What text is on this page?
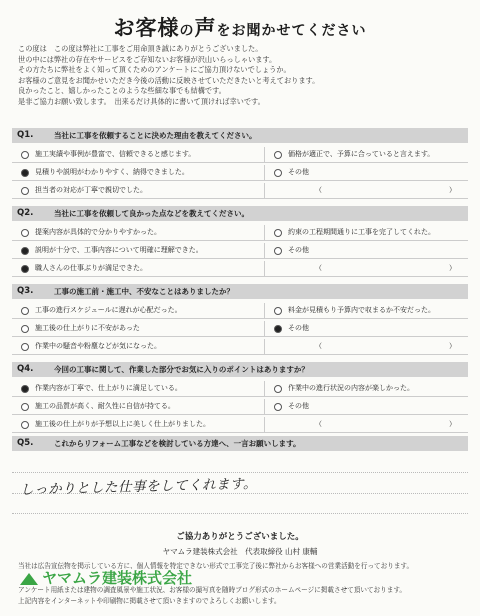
お客様の声をお聞かせてください
この度は　この度は弊社に工事をご用命頂き誠にありがとうございました。
世の中には弊社の存在やサービスをご存知ないお客様が沢山いらっしゃいます。
その方たちに弊社をよく知って頂くためのアンケートにご協力頂けないでしょうか。
お客様のご意見をお聞かせいただき今後の活動に反映させていただきたいと考えております。
良かったこと、嬉しかったことのような些細な事でも結構です。
是非ご協力お願い致します。　出来るだけ具体的に書いて頂ければ幸いです。
Q1.	当社に工事を依頼することに決めた理由を教えてください。
施工実績や事例が豊富で、信頼できると感じます。	価格が適正で、予算に合っていると言えます。
見積りや説明がわかりやすく、納得できました。	その他
担当者の対応が丁寧で親切でした。	（	）
Q2.	当社に工事を依頼して良かった点などを教えてください。
提案内容が具体的で分かりやすかった。	約束の工程期間通りに工事を完了してくれた。
説明が十分で、工事内容について明確に理解できた。	その他
職人さんの仕事ぶりが満足できた。	（	）
Q3.	工事の施工前・施工中、不安なことはありましたか？
工事の進行スケジュールに遅れが心配だった。	料金が見積もり予算内で収まるか不安だった。
施工後の仕上がりに不安があった	その他
作業中の騒音や粉塵などが気になった。	（	）
Q4.	今回の工事に関して、作業した部分でお気に入りのポイントはありますか？
作業内容が丁寧で、仕上がりに満足している。	作業中の進行状況の内容が楽しかった。
施工の品質が高く、耐久性に自信が持てる。	その他
施工後の仕上がりが予想以上に美しく仕上がりました。	（	）
Q5.	これからリフォーム工事などを検討している方達へ、一言お願いします。
しっかりとした仕事をしてくれます。
ご協力ありがとうございました。
ヤマムラ建装株式会社　代表取締役 山村 康輔
当社は広告宣伝物を掲示している方に、個人情報を特定できない形式で工事完了後に弊社からお客様への営業活動を行っております。
ヤマムラ建装株式会社
アンケート用紙または建物の調査風景や施工状況、お客様の撮写真を随時ブログ形式のホームページに掲載させて頂いております。
上記内容をインターネットや印刷物に掲載させて頂いきますのでよろしくお願いします。
